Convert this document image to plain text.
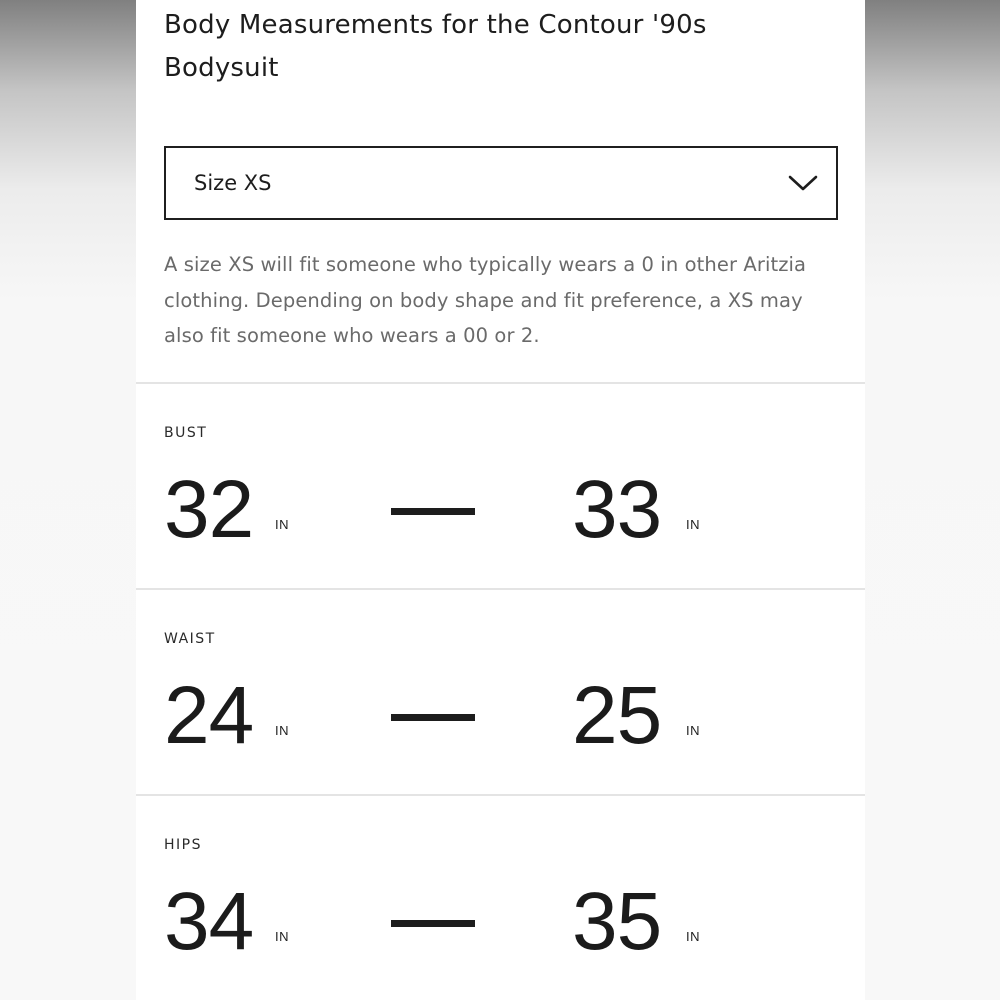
Body Measurements for the Contour '90s Bodysuit
Size XS

A size XS will fit someone who typically wears a 0 in other Aritzia clothing. Depending on body shape and fit preference, a XS may also fit someone who wears a 00 or 2.

BUST
32 IN	33 IN
WAIST
24 IN	25 IN
HIPS
34 IN	35 IN
